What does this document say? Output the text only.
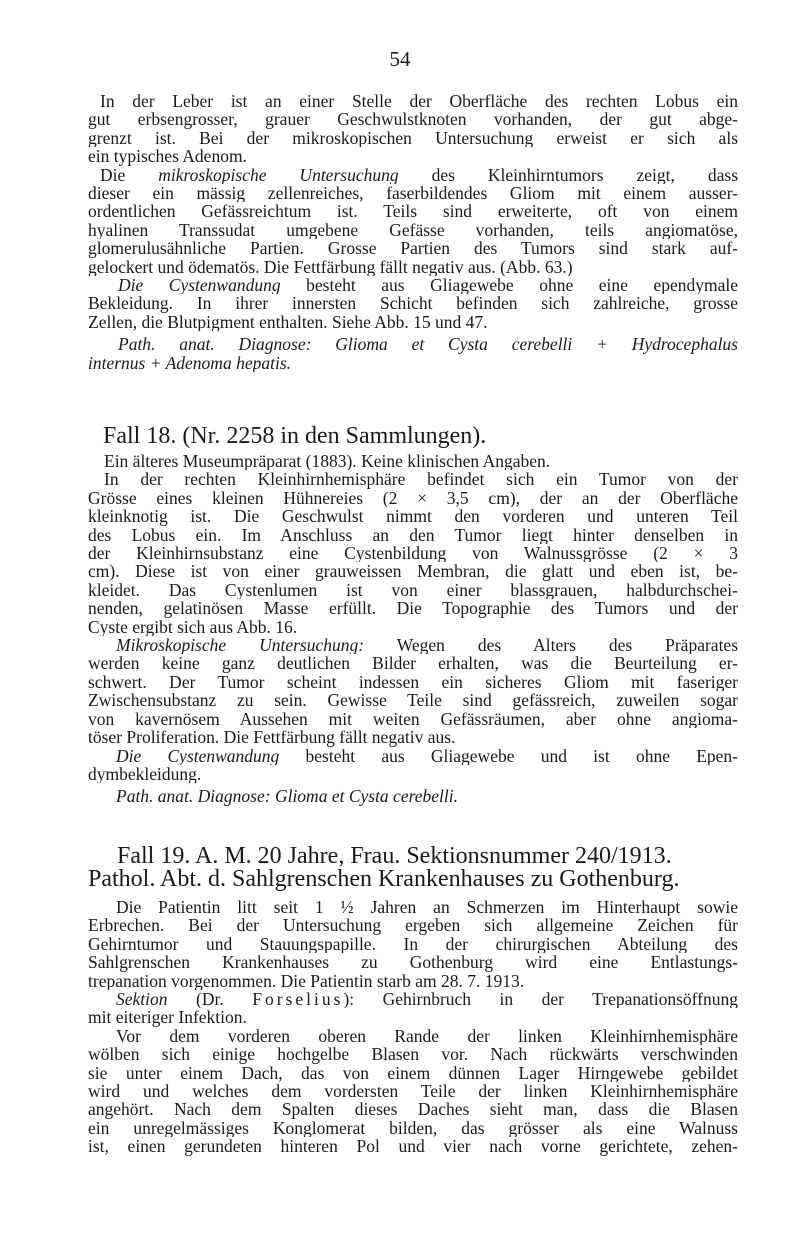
54
In der Leber ist an einer Stelle der Oberfläche des rechten Lobus ein
gut erbsengrosser, grauer Geschwulstknoten vorhanden, der gut abge-
grenzt ist. Bei der mikroskopischen Untersuchung erweist er sich als
ein typisches Adenom.
Die mikroskopische Untersuchung des Kleinhirntumors zeigt, dass
dieser ein mässig zellenreiches, faserbildendes Gliom mit einem ausser-
ordentlichen Gefässreichtum ist. Teils sind erweiterte, oft von einem
hyalinen Transsudat umgebene Gefässe vorhanden, teils angiomatöse,
glomerulusähnliche Partien. Grosse Partien des Tumors sind stark auf-
gelockert und ödematös. Die Fettfärbung fällt negativ aus. (Abb. 63.)
Die Cystenwandung besteht aus Gliagewebe ohne eine ependymale
Bekleidung. In ihrer innersten Schicht befinden sich zahlreiche, grosse
Zellen, die Blutpigment enthalten. Siehe Abb. 15 und 47.
Path. anat. Diagnose: Glioma et Cysta cerebelli + Hydrocephalus
internus + Adenoma hepatis.
Fall 18. (Nr. 2258 in den Sammlungen).
Ein älteres Museumpräparat (1883). Keine klinischen Angaben.
In der rechten Kleinhirnhemisphäre befindet sich ein Tumor von der
Grösse eines kleinen Hühnereies (2 × 3,5 cm), der an der Oberfläche
kleinknotig ist. Die Geschwulst nimmt den vorderen und unteren Teil
des Lobus ein. Im Anschluss an den Tumor liegt hinter denselben in
der Kleinhirnsubstanz eine Cystenbildung von Walnussgrösse (2 × 3
cm). Diese ist von einer grauweissen Membran, die glatt und eben ist, be-
kleidet. Das Cystenlumen ist von einer blassgrauen, halbdurchschei-
nenden, gelatinösen Masse erfüllt. Die Topographie des Tumors und der
Cyste ergibt sich aus Abb. 16.
Mikroskopische Untersuchung: Wegen des Alters des Präparates
werden keine ganz deutlichen Bilder erhalten, was die Beurteilung er-
schwert. Der Tumor scheint indessen ein sicheres Gliom mit faseriger
Zwischensubstanz zu sein. Gewisse Teile sind gefässreich, zuweilen sogar
von kavernösem Aussehen mit weiten Gefässräumen, aber ohne angioma-
töser Proliferation. Die Fettfärbung fällt negativ aus.
Die Cystenwandung besteht aus Gliagewebe und ist ohne Epen-
dymbekleidung.
Path. anat. Diagnose: Glioma et Cysta cerebelli.
Fall 19. A. M. 20 Jahre, Frau. Sektionsnummer 240/1913.
Pathol. Abt. d. Sahlgrenschen Krankenhauses zu Gothenburg.
Die Patientin litt seit 1 ½ Jahren an Schmerzen im Hinterhaupt sowie
Erbrechen. Bei der Untersuchung ergeben sich allgemeine Zeichen für
Gehirntumor und Stauungspapille. In der chirurgischen Abteilung des
Sahlgrenschen Krankenhauses zu Gothenburg wird eine Entlastungs-
trepanation vorgenommen. Die Patientin starb am 28. 7. 1913.
Sektion (Dr. Forselius): Gehirnbruch in der Trepanationsöffnung
mit eiteriger Infektion.
Vor dem vorderen oberen Rande der linken Kleinhirnhemisphäre
wölben sich einige hochgelbe Blasen vor. Nach rückwärts verschwinden
sie unter einem Dach, das von einem dünnen Lager Hirngewebe gebildet
wird und welches dem vordersten Teile der linken Kleinhirnhemisphäre
angehört. Nach dem Spalten dieses Daches sieht man, dass die Blasen
ein unregelmässiges Konglomerat bilden, das grösser als eine Walnuss
ist, einen gerundeten hinteren Pol und vier nach vorne gerichtete, zehen-
